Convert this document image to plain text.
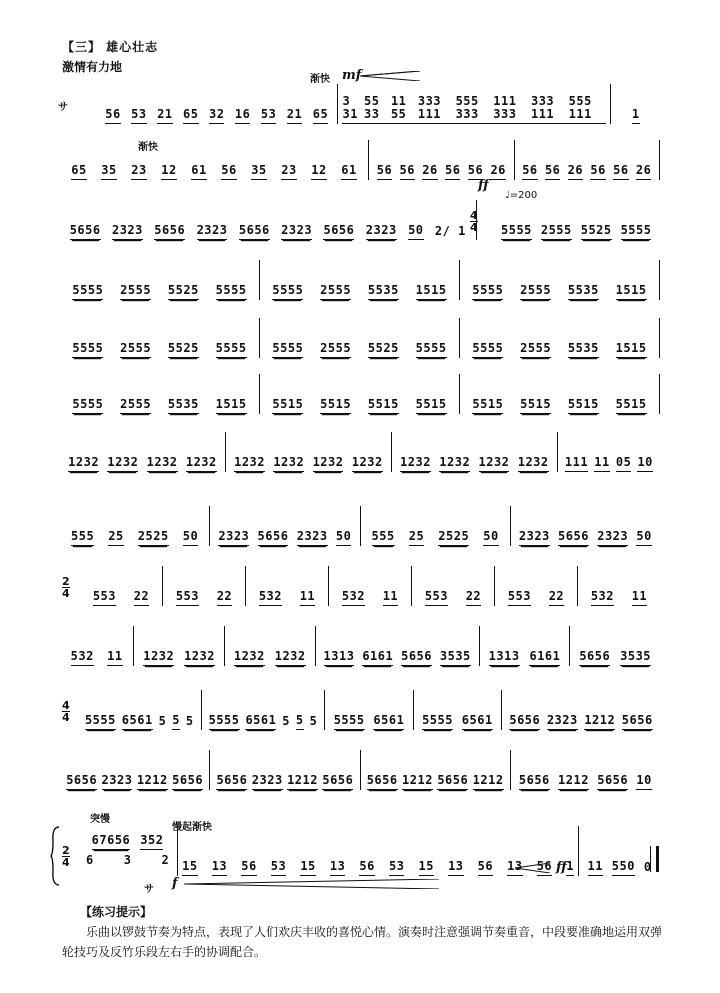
【三】 雄心壮志
激情有力地
渐快 mf
サ	56 53 21 65 32 16 53 21 65
3 31
55 33
11 55
333 111
555 333
111 333
333 111
555 111	1
渐快
ff
65 35 23 12 61 56 35 23 12 61 56 56 26 56 56 26 56 56 26 56 56 26
♩=200
4
4
5656 2323 5656 2323 5656 2323 5656 2323 50 2/ 1	5555 2555 5525 5555
5555 2555 5525 5555 5555 2555 5535 1515 5555 2555 5535 1515
5555 2555 5525 5555 5555 2555 5525 5555 5555 2555 5535 1515
5555 2555 5535 1515 5515 5515 5515 5515 5515 5515 5515 5515
1232 1232 1232 1232 1232 1232 1232 1232 1232 1232 1232 1232 111 11 05 10
555 25 2525 50 2323 5656 2323 50 555 25 2525 50 2323 5656 2323 50
2
4 553 22 553 22 532 11 532 11 553 22 553 22 532 11
532 11 1232 1232 1232 1232 1313 6161 5656 3535 1313 6161 5656 3535
4
4 5555 6561 5 5 5 5555 6561 5 5 5 5555 6561 5555 6561 5656 2323 1212 5656
5656 2323 1212 5656 5656 2323 1212 5656 5656 1212 5656 1212 5656 1212 5656 10
突慢
慢起渐快
2
4
67656 352
6	3	2 15 13 56 53 15 13 56 53 15 13 56 13 56 1 11 550 0
サ f
ff
【练习提示】
乐曲以锣鼓节奏为特点，表现了人们欢庆丰收的喜悦心情。演奏时注意强调节奏重音，中段要准确地运用双弹轮技巧及反竹乐段左右手的协调配合。
